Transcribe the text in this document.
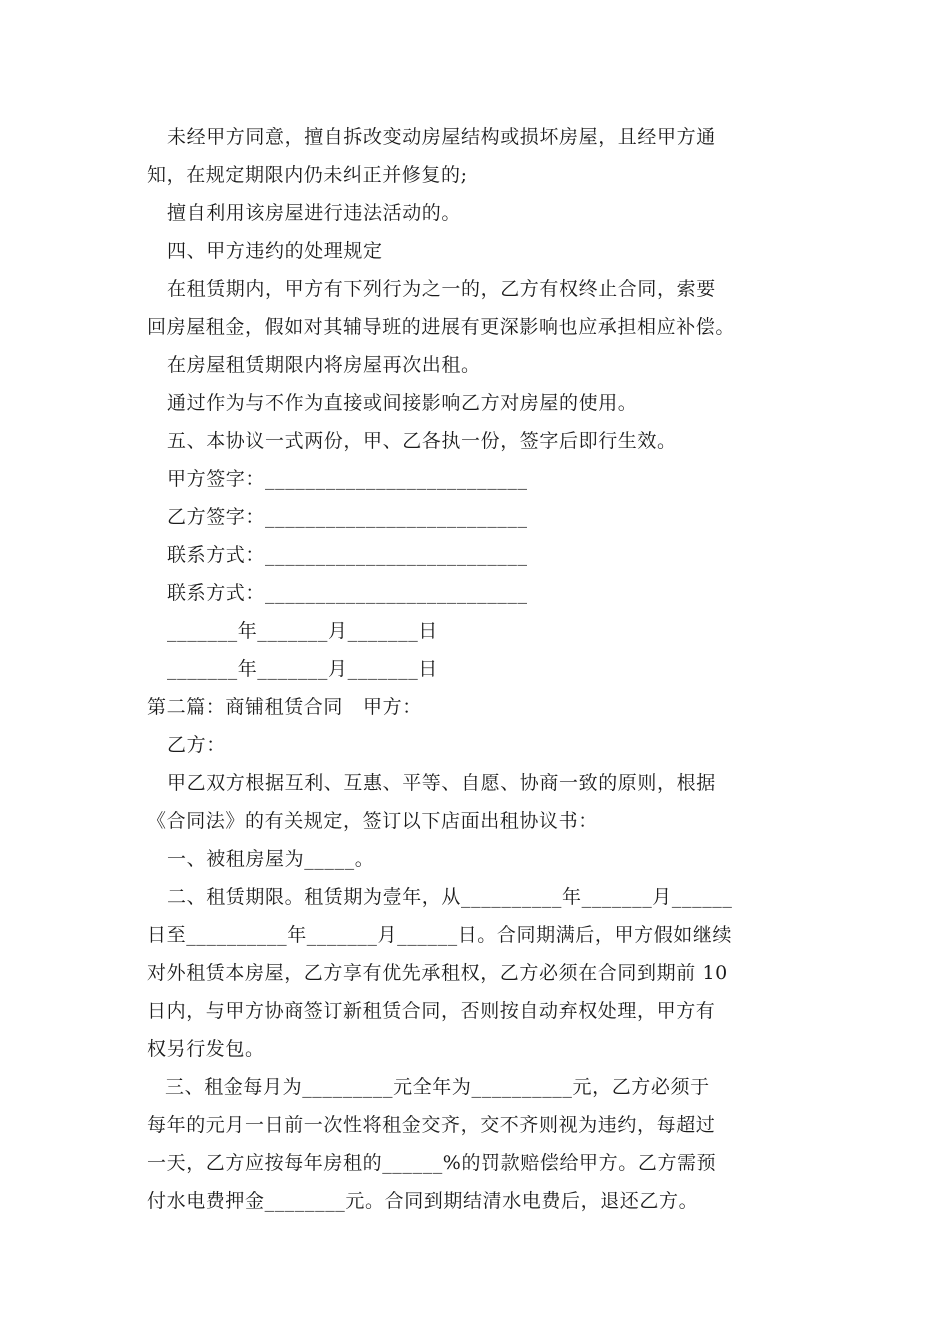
未经甲方同意，擅自拆改变动房屋结构或损坏房屋，且经甲方通

知，在规定期限内仍未纠正并修复的;

擅自利用该房屋进行违法活动的。

四、甲方违约的处理规定

在租赁期内，甲方有下列行为之一的，乙方有权终止合同，索要

回房屋租金，假如对其辅导班的进展有更深影响也应承担相应补偿。

在房屋租赁期限内将房屋再次出租。

通过作为与不作为直接或间接影响乙方对房屋的使用。

五、本协议一式两份，甲、乙各执一份，签字后即行生效。

甲方签字：__________________________

乙方签字：__________________________

联系方式：__________________________

联系方式：__________________________

_______年_______月_______日

_______年_______月_______日

第二篇：商铺租赁合同 甲方：

乙方：

甲乙双方根据互利、互惠、平等、自愿、协商一致的原则，根据

《合同法》的有关规定，签订以下店面出租协议书：

一、被租房屋为_____。

二、租赁期限。租赁期为壹年，从__________年_______月______

日至__________年_______月______日。合同期满后，甲方假如继续

对外租赁本房屋，乙方享有优先承租权，乙方必须在合同到期前 10

日内，与甲方协商签订新租赁合同，否则按自动弃权处理，甲方有

权另行发包。

三、租金每月为_________元全年为__________元，乙方必须于

每年的元月一日前一次性将租金交齐，交不齐则视为违约，每超过

一天，乙方应按每年房租的______%的罚款赔偿给甲方。乙方需预

付水电费押金________元。合同到期结清水电费后，退还乙方。
